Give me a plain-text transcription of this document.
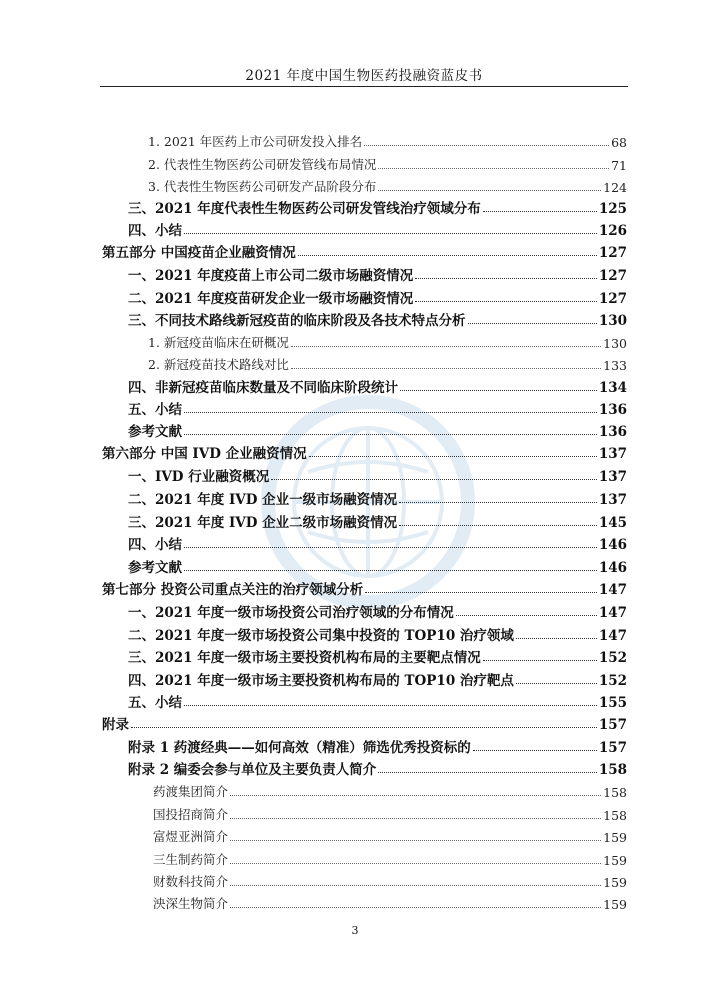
2021 年度中国生物医药投融资蓝皮书
1. 2021 年医药上市公司研发投入排名	68
2. 代表性生物医药公司研发管线布局情况	71
3. 代表性生物医药公司研发产品阶段分布	124
三、2021 年度代表性生物医药公司研发管线治疗领域分布	125
四、小结	126
第五部分 中国疫苗企业融资情况	127
一、2021 年度疫苗上市公司二级市场融资情况	127
二、2021 年度疫苗研发企业一级市场融资情况	127
三、不同技术路线新冠疫苗的临床阶段及各技术特点分析	130
1. 新冠疫苗临床在研概况	130
2. 新冠疫苗技术路线对比	133
四、非新冠疫苗临床数量及不同临床阶段统计	134
五、小结	136
参考文献	136
第六部分 中国 IVD 企业融资情况	137
一、IVD 行业融资概况	137
二、2021 年度 IVD 企业一级市场融资情况	137
三、2021 年度 IVD 企业二级市场融资情况	145
四、小结	146
参考文献	146
第七部分 投资公司重点关注的治疗领域分析	147
一、2021 年度一级市场投资公司治疗领域的分布情况	147
二、2021 年度一级市场投资公司集中投资的 TOP10 治疗领域	147
三、2021 年度一级市场主要投资机构布局的主要靶点情况	152
四、2021 年度一级市场主要投资机构布局的 TOP10 治疗靶点	152
五、小结	155
附录	157
附录 1 药渡经典——如何高效（精准）筛选优秀投资标的	157
附录 2 编委会参与单位及主要负责人简介	158
药渡集团简介	158
国投招商简介	158
富煜亚洲简介	159
三生制药简介	159
财数科技简介	159
泱深生物简介	159
3
